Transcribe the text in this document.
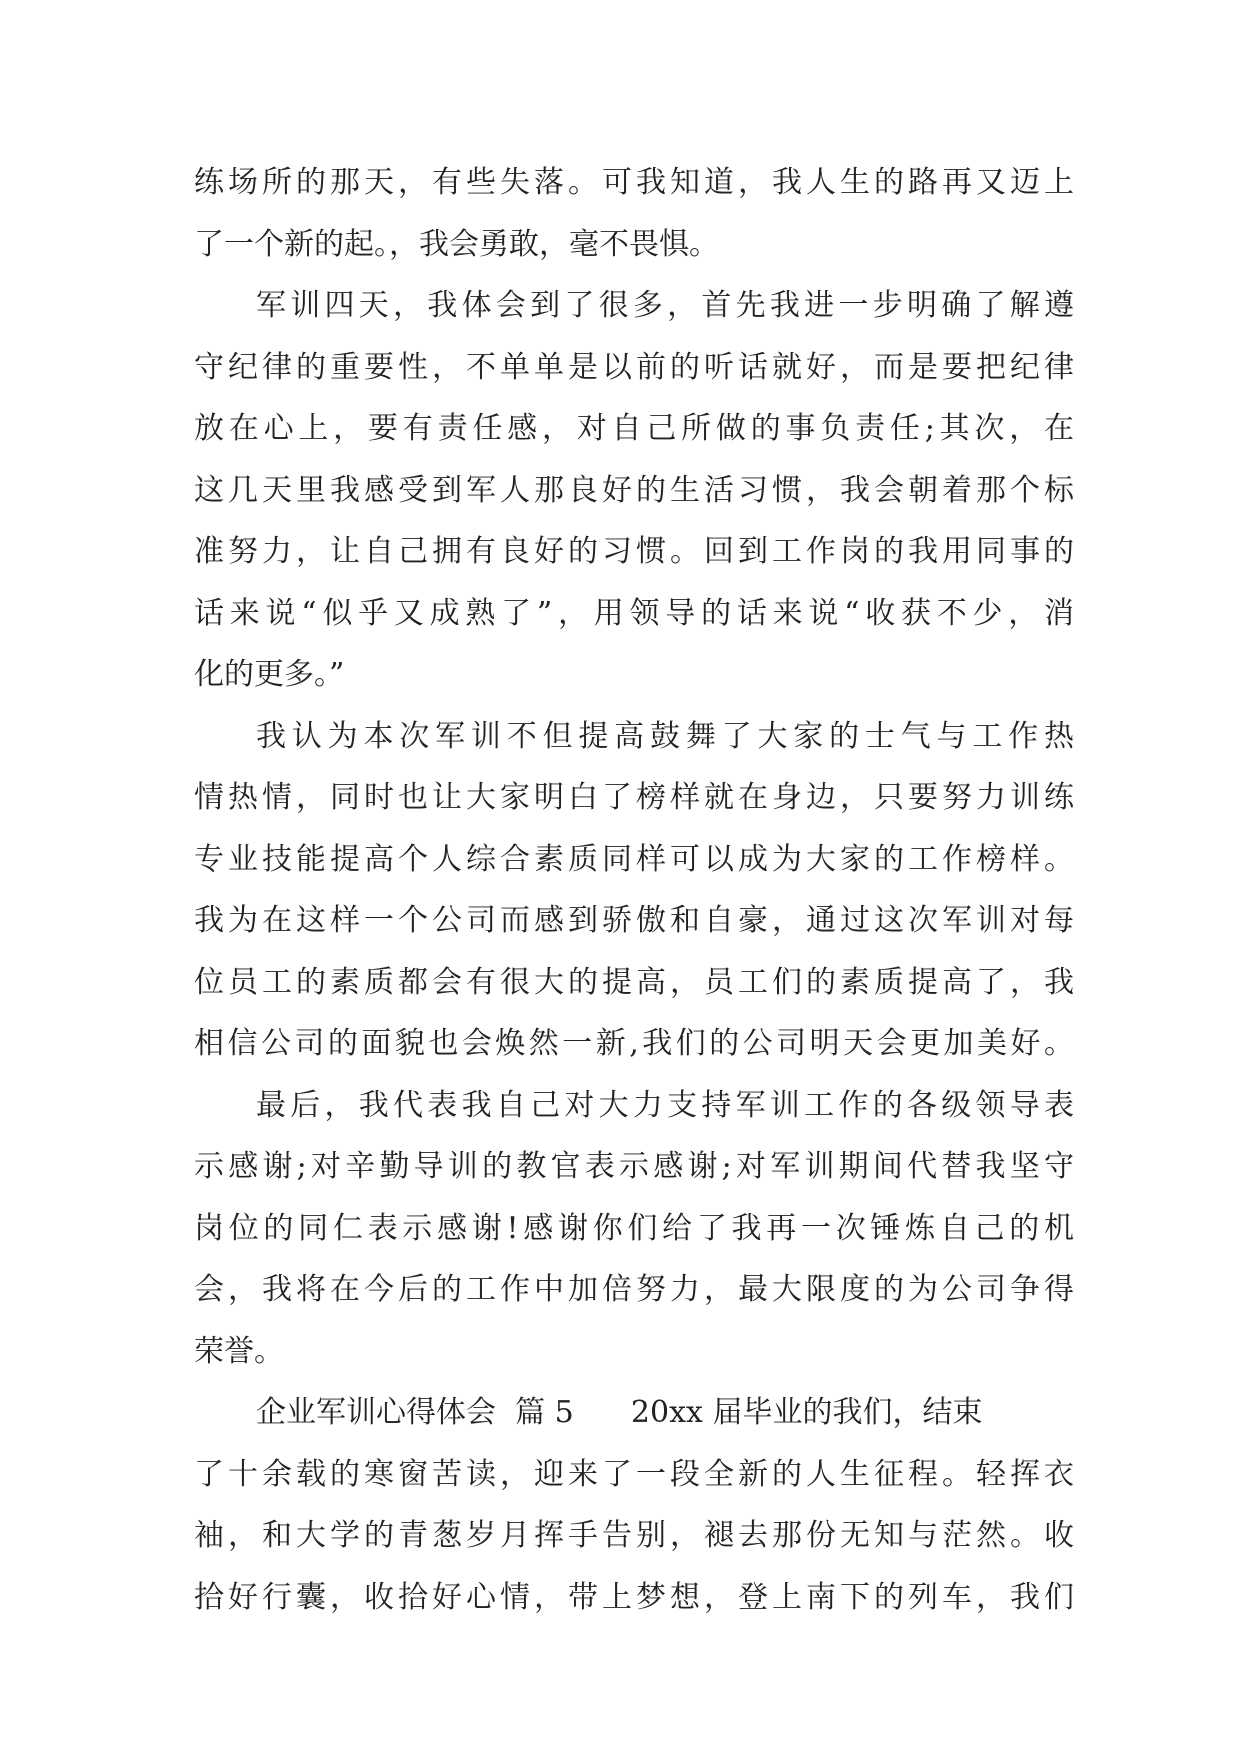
练场所的那天，有些失落。可我知道，我人生的路再又迈上
了一个新的起。，我会勇敢，毫不畏惧。
军训四天，我体会到了很多，首先我进一步明确了解遵
守纪律的重要性，不单单是以前的听话就好，而是要把纪律
放在心上，要有责任感，对自己所做的事负责任;其次，在
这几天里我感受到军人那良好的生活习惯，我会朝着那个标
准努力，让自己拥有良好的习惯。回到工作岗的我用同事的
话来说“似乎又成熟了”，用领导的话来说“收获不少，消
化的更多。”
我认为本次军训不但提高鼓舞了大家的士气与工作热
情热情，同时也让大家明白了榜样就在身边，只要努力训练
专业技能提高个人综合素质同样可以成为大家的工作榜样。
我为在这样一个公司而感到骄傲和自豪，通过这次军训对每
位员工的素质都会有很大的提高，员工们的素质提高了，我
相信公司的面貌也会焕然一新,我们的公司明天会更加美好。
最后，我代表我自己对大力支持军训工作的各级领导表
示感谢;对辛勤导训的教官表示感谢;对军训期间代替我坚守
岗位的同仁表示感谢!感谢你们给了我再一次锤炼自己的机
会，我将在今后的工作中加倍努力，最大限度的为公司争得
荣誉。
企业军训心得体会  篇 5      20xx 届毕业的我们，结束
了十余载的寒窗苦读，迎来了一段全新的人生征程。轻挥衣
袖，和大学的青葱岁月挥手告别，褪去那份无知与茫然。收
拾好行囊，收拾好心情，带上梦想，登上南下的列车，我们
